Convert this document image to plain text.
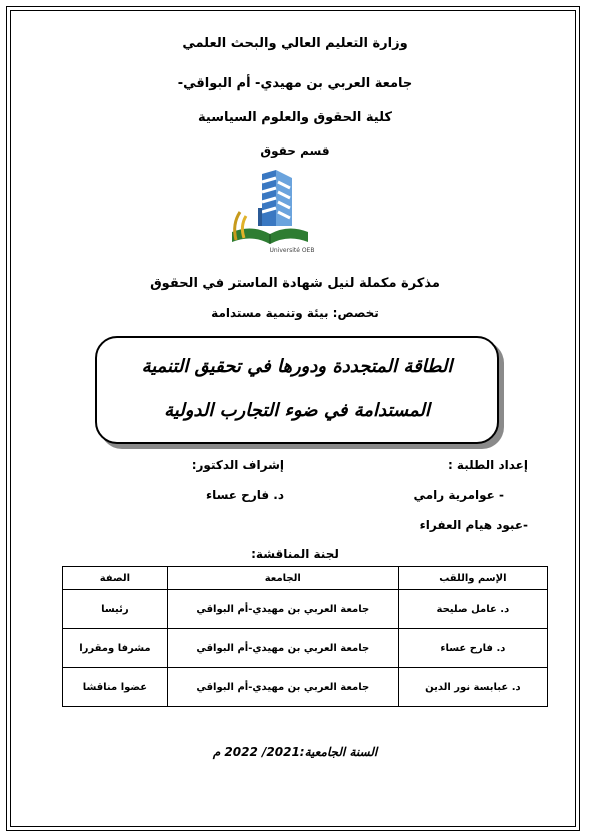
وزارة التعليم العالي والبحث العلمي
جامعة العربي بن مهيدي- أم البواقي-
كلية الحقوق والعلوم السياسية
قسم حقوق
Université OEB
مذكرة مكملة لنيل شهادة الماستر في الحقوق
تخصص: بيئة وتنمية مستدامة
الطاقة المتجددة ودورها في تحقيق التنمية
المستدامة في ضوء التجارب الدولية
إعداد الطلبة :
إشراف الدكتور:
- عوامرية رامي
د. فارح عساء
-عبود هيام العفراء
لجنة المناقشة:
الإسم واللقب	الجامعة	الصفة
د. عامل صليحة	جامعة العربي بن مهيدي-أم البواقي	رئيسا
د. فارح عساء	جامعة العربي بن مهيدي-أم البواقي	مشرفا ومقررا
د. عبابسة نور الدين	جامعة العربي بن مهيدي-أم البواقي	عضوا مناقشا
السنة الجامعية:2021/ 2022 م
